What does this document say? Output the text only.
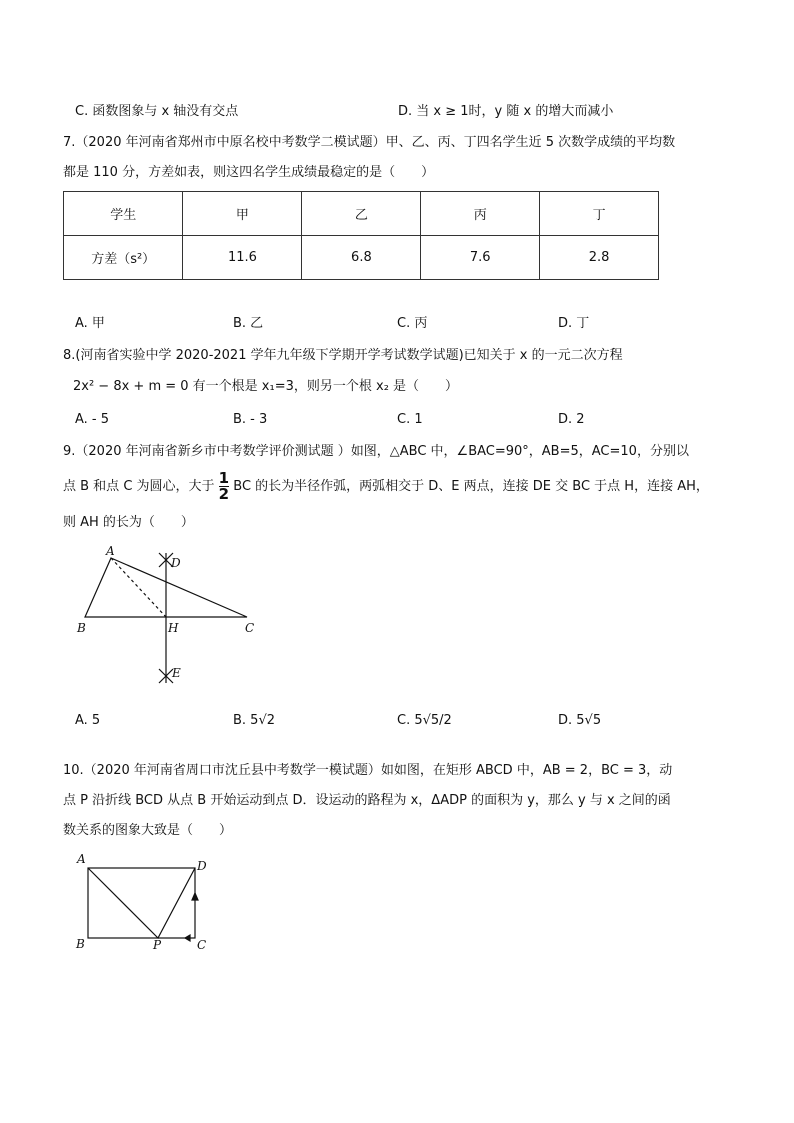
C. 函数图象与 x 轴没有交点	D. 当 x ≥ 1时，y 随 x 的增大而减小
7.（2020 年河南省郑州市中原名校中考数学二模试题）甲、乙、丙、丁四名学生近 5 次数学成绩的平均数
都是 110 分，方差如表，则这四名学生成绩最稳定的是（　　）
学生	甲	乙	丙	丁
方差（s²）	11.6	6.8	7.6	2.8
A. 甲	B. 乙	C. 丙	D. 丁
8.(河南省实验中学 2020-2021 学年九年级下学期开学考试数学试题)已知关于 x 的一元二次方程
2x² − 8x + m = 0 有一个根是 x₁=3，则另一个根 x₂ 是（　　）
A. - 5	B. - 3	C. 1	D. 2
9.（2020 年河南省新乡市中考数学评价测试题 ）如图，△ABC 中，∠BAC=90°，AB=5，AC=10，分别以
点 B 和点 C 为圆心，大于 $\frac{1}{2}$ BC 的长为半径作弧，两弧相交于 D、E 两点，连接 DE 交 BC 于点 H，连接 AH，
则 AH 的长为（　　）
A
B	C
D
E
H
A
B	C
D
P
A. 5	B. 5√2	C. 5√5/2	D. 5√5
10.（2020 年河南省周口市沈丘县中考数学一模试题）如如图，在矩形 ABCD 中，AB = 2，BC = 3，动
点 P 沿折线 BCD 从点 B 开始运动到点 D．设运动的路程为 x，ΔADP 的面积为 y，那么 y 与 x 之间的函
数关系的图象大致是（　　）
